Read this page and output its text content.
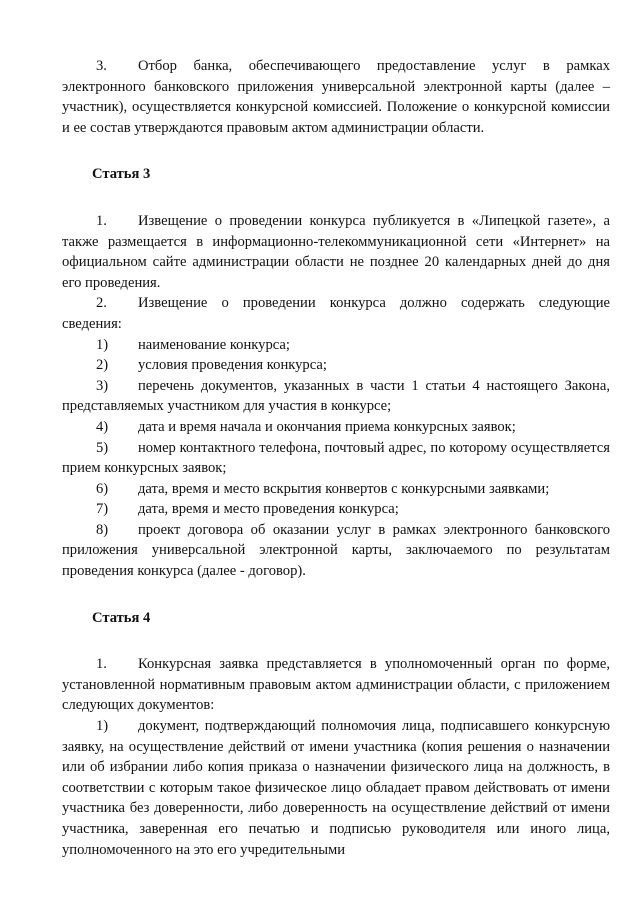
3. Отбор банка, обеспечивающего предоставление услуг в рамках электронного банковского приложения универсальной электронной карты (далее – участник), осуществляется конкурсной комиссией. Положение о конкурсной комиссии и ее состав утверждаются правовым актом администрации области.

Статья 3

1. Извещение о проведении конкурса публикуется в «Липецкой газете», а также размещается в информационно-телекоммуникационной сети «Интернет» на официальном сайте администрации области не позднее 20 календарных дней до дня его проведения.

2. Извещение о проведении конкурса должно содержать следующие сведения:

1) наименование конкурса;

2) условия проведения конкурса;

3) перечень документов, указанных в части 1 статьи 4 настоящего Закона, представляемых участником для участия в конкурсе;

4) дата и время начала и окончания приема конкурсных заявок;

5) номер контактного телефона, почтовый адрес, по которому осуществляется прием конкурсных заявок;

6) дата, время и место вскрытия конвертов с конкурсными заявками;

7) дата, время и место проведения конкурса;

8) проект договора об оказании услуг в рамках электронного банковского приложения универсальной электронной карты, заключаемого по результатам проведения конкурса (далее - договор).

Статья 4

1. Конкурсная заявка представляется в уполномоченный орган по форме, установленной нормативным правовым актом администрации области, с приложением следующих документов:

1) документ, подтверждающий полномочия лица, подписавшего конкурсную заявку, на осуществление действий от имени участника (копия решения о назначении или об избрании либо копия приказа о назначении физического лица на должность, в соответствии с которым такое физическое лицо обладает правом действовать от имени участника без доверенности, либо доверенность на осуществление действий от имени участника, заверенная его печатью и подписью руководителя или иного лица, уполномоченного на это его учредительными
